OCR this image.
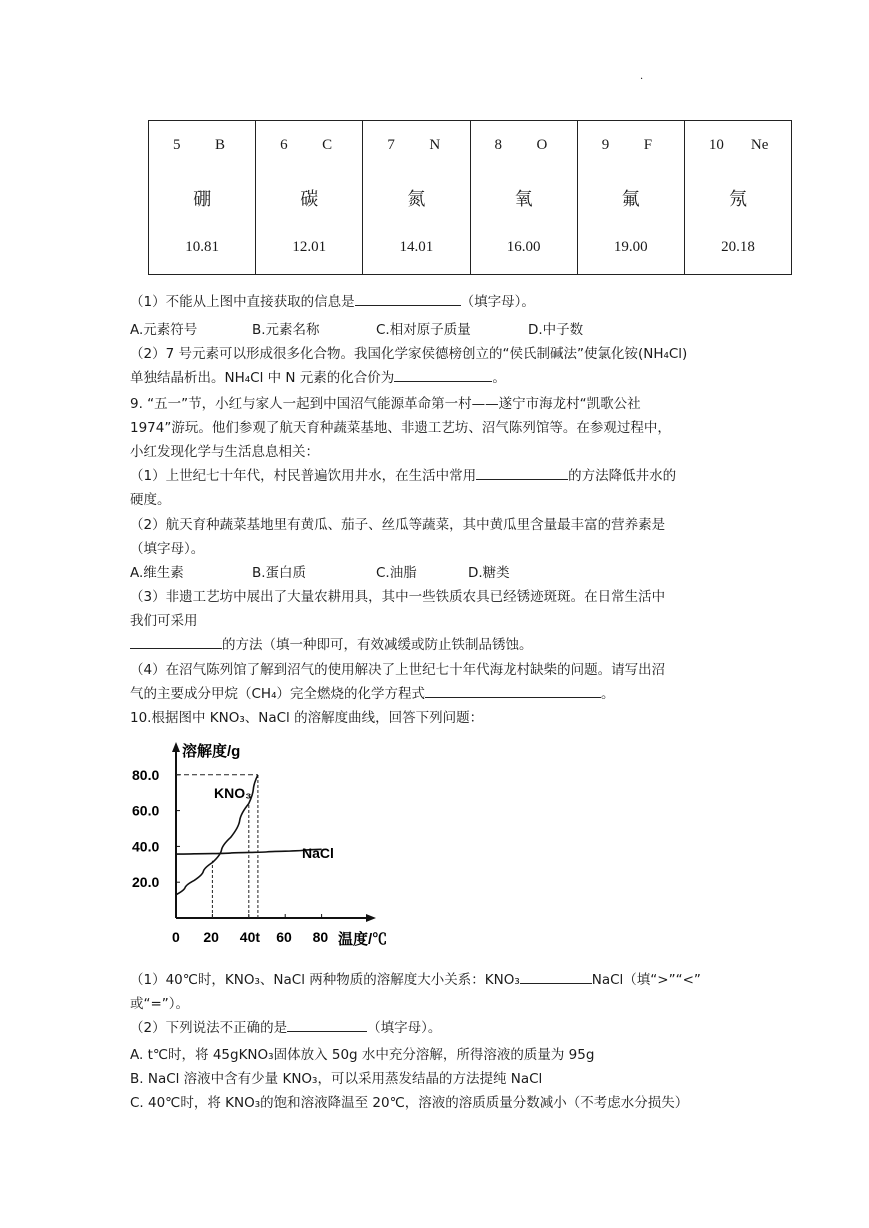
·
5 B
硼
10.81
6 C
碳
12.01
7 N
氮
14.01
8 O
氧
16.00
9 F
氟
19.00
10 Ne
氖
20.18
（1）不能从上图中直接获取的信息是	（填字母）。
A.元素符号	B.元素名称	C.相对原子质量	D.中子数
（2）7 号元素可以形成很多化合物。我国化学家侯德榜创立的“侯氏制碱法”使氯化铵(NH₄Cl)
单独结晶析出。NH₄Cl 中 N 元素的化合价为	。
9. “五一”节，小红与家人一起到中国沼气能源革命第一村——遂宁市海龙村“凯歌公社
1974”游玩。他们参观了航天育种蔬菜基地、非遗工艺坊、沼气陈列馆等。在参观过程中，
小红发现化学与生活息息相关：
（1）上世纪七十年代，村民普遍饮用井水，在生活中常用	的方法降低井水的
硬度。
（2）航天育种蔬菜基地里有黄瓜、茄子、丝瓜等蔬菜，其中黄瓜里含量最丰富的营养素是
（填字母）。
A.维生素	B.蛋白质	C.油脂	D.糖类
（3）非遗工艺坊中展出了大量农耕用具，其中一些铁质农具已经锈迹斑斑。在日常生活中
我们可采用
的方法（填一种即可，有效减缓或防止铁制品锈蚀。
（4）在沼气陈列馆了解到沼气的使用解决了上世纪七十年代海龙村缺柴的问题。请写出沼
气的主要成分甲烷（CH₄）完全燃烧的化学方程式	。
10.根据图中 KNO₃、NaCl 的溶解度曲线，回答下列问题：
溶解度/g
温度/℃
0 20 40t 60 80
20.0
40.0
60.0
80.0
KNO₃
NaCl
（1）40℃时，KNO₃、NaCl 两种物质的溶解度大小关系：KNO₃	NaCl（填“>”“<”
或“=”）。
（2）下列说法不正确的是	（填字母）。
A. t℃时，将 45gKNO₃固体放入 50g 水中充分溶解，所得溶液的质量为 95g
B. NaCl 溶液中含有少量 KNO₃，可以采用蒸发结晶的方法提纯 NaCl
C. 40℃时，将 KNO₃的饱和溶液降温至 20℃，溶液的溶质质量分数减小（不考虑水分损失）
